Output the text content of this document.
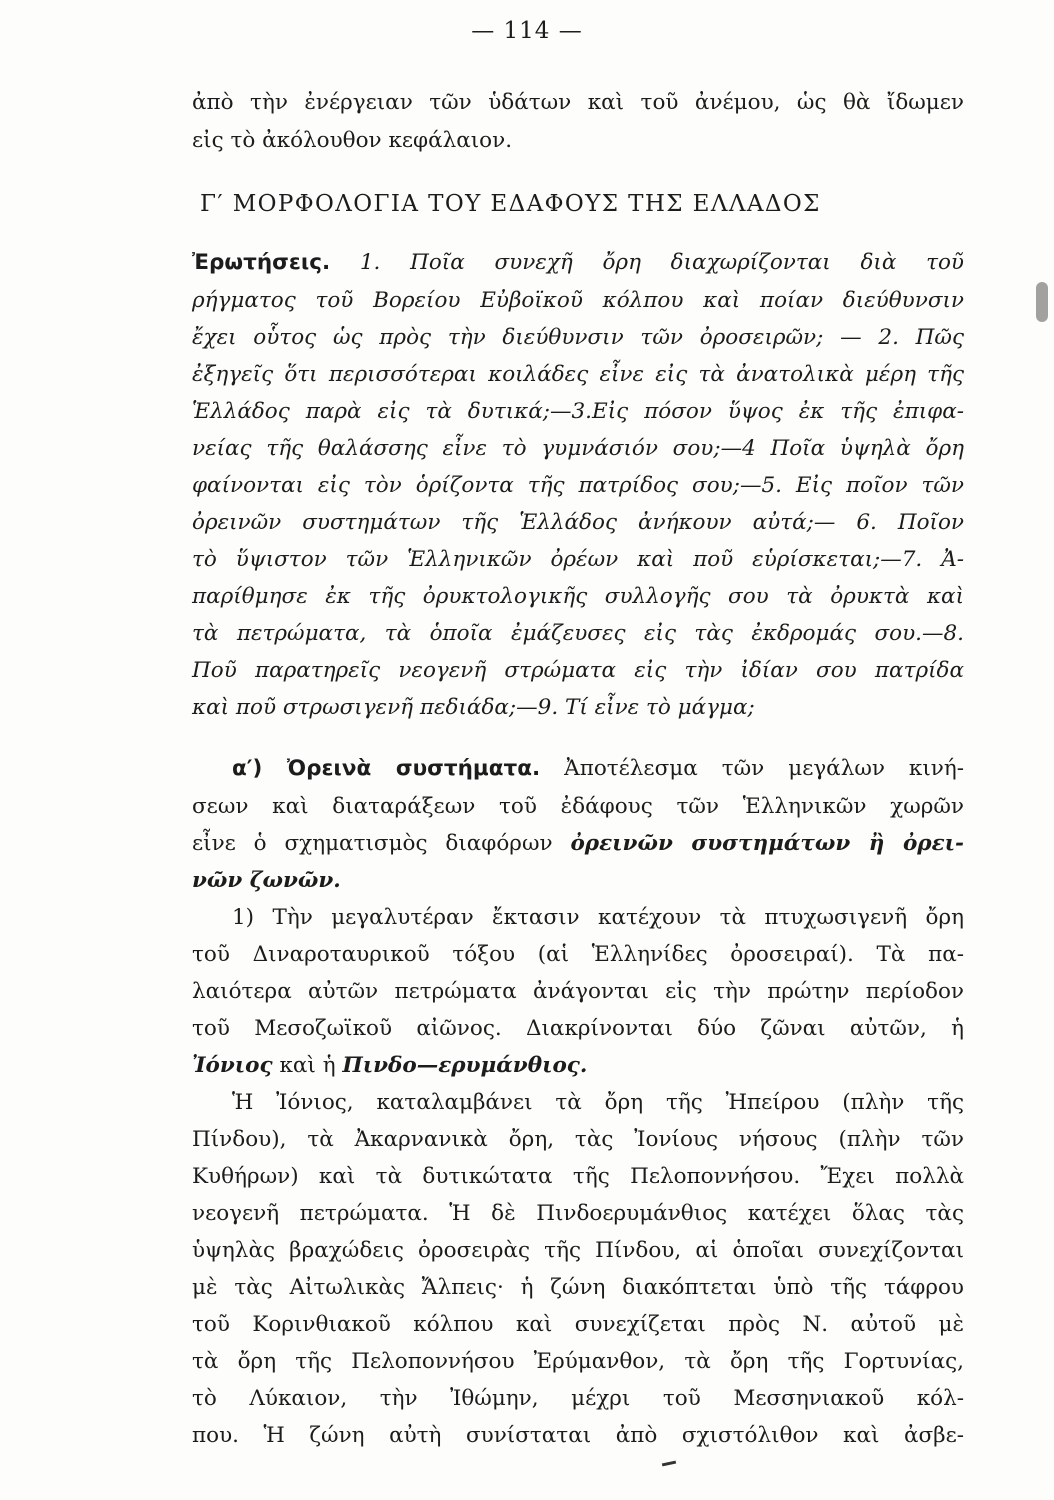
— 114 —
ἀπὸ τὴν ἐνέργειαν τῶν ὑδάτων καὶ τοῦ ἀνέμου, ὡς θὰ ἴδωμεν
εἰς τὸ ἀκόλουθον κεφάλαιον.
Γ′ ΜΟΡΦΟΛΟΓΙΑ ΤΟΥ ΕΔΑΦΟΥΣ ΤΗΣ ΕΛΛΑΔΟΣ
Ἐρωτήσεις. 1. Ποῖα συνεχῆ ὄρη διαχωρίζονται διὰ τοῦ
ρήγματος τοῦ Βορείου Εὐβοϊκοῦ κόλπου καὶ ποίαν διεύθυνσιν
ἔχει οὗτος ὡς πρὸς τὴν διεύθυνσιν τῶν ὀροσειρῶν; — 2. Πῶς
ἐξηγεῖς ὅτι περισσότεραι κοιλάδες εἶνε εἰς τὰ ἀνατολικὰ μέρη τῆς
Ἑλλάδος παρὰ εἰς τὰ δυτικά;—3.Εἰς πόσον ὕψος ἐκ τῆς ἐπιφα-
νείας τῆς θαλάσσης εἶνε τὸ γυμνάσιόν σου;—4 Ποῖα ὑψηλὰ ὄρη
φαίνονται εἰς τὸν ὁρίζοντα τῆς πατρίδος σου;—5. Εἰς ποῖον τῶν
ὀρεινῶν συστημάτων τῆς Ἑλλάδος ἀνήκουν αὐτά;— 6. Ποῖον
τὸ ὕψιστον τῶν Ἑλληνικῶν ὀρέων καὶ ποῦ εὑρίσκεται;—7. Ἀ-
παρίθμησε ἐκ τῆς ὀρυκτολογικῆς συλλογῆς σου τὰ ὀρυκτὰ καὶ
τὰ πετρώματα, τὰ ὁποῖα ἐμάζευσες εἰς τὰς ἐκδρομάς σου.—8.
Ποῦ παρατηρεῖς νεογενῆ στρώματα εἰς τὴν ἰδίαν σου πατρίδα
καὶ ποῦ στρωσιγενῆ πεδιάδα;—9. Τί εἶνε τὸ μάγμα;
α′) Ὀρεινὰ συστήματα. Ἀποτέλεσμα τῶν μεγάλων κινή-
σεων καὶ διαταράξεων τοῦ ἐδάφους τῶν Ἑλληνικῶν χωρῶν
εἶνε ὁ σχηματισμὸς διαφόρων ὀρεινῶν συστημάτων ἢ ὀρει-
νῶν ζωνῶν.
1) Τὴν μεγαλυτέραν ἔκτασιν κατέχουν τὰ πτυχωσιγενῆ ὄρη
τοῦ Διναροταυρικοῦ τόξου (αἱ Ἑλληνίδες ὀροσειραί). Τὰ πα-
λαιότερα αὐτῶν πετρώματα ἀνάγονται εἰς τὴν πρώτην περίοδον
τοῦ Μεσοζωϊκοῦ αἰῶνος. Διακρίνονται δύο ζῶναι αὐτῶν, ἡ
Ἰόνιος καὶ ἡ Πινδο—ερυμάνθιος.
Ἡ Ἰόνιος, καταλαμβάνει τὰ ὄρη τῆς Ἠπείρου (πλὴν τῆς
Πίνδου), τὰ Ἀκαρνανικὰ ὄρη, τὰς Ἰονίους νήσους (πλὴν τῶν
Κυθήρων) καὶ τὰ δυτικώτατα τῆς Πελοποννήσου. Ἔχει πολλὰ
νεογενῆ πετρώματα. Ἡ δὲ Πινδοερυμάνθιος κατέχει ὅλας τὰς
ὑψηλὰς βραχώδεις ὀροσειρὰς τῆς Πίνδου, αἱ ὁποῖαι συνεχίζονται
μὲ τὰς Αἰτωλικὰς Ἄλπεις· ἡ ζώνη διακόπτεται ὑπὸ τῆς τάφρου
τοῦ Κορινθιακοῦ κόλπου καὶ συνεχίζεται πρὸς Ν. αὐτοῦ μὲ
τὰ ὄρη τῆς Πελοποννήσου Ἐρύμανθον, τὰ ὄρη τῆς Γορτυνίας,
τὸ Λύκαιον, τὴν Ἰθώμην, μέχρι τοῦ Μεσσηνιακοῦ κόλ-
που. Ἡ ζώνη αὐτὴ συνίσταται ἀπὸ σχιστόλιθον καὶ ἀσβε-
